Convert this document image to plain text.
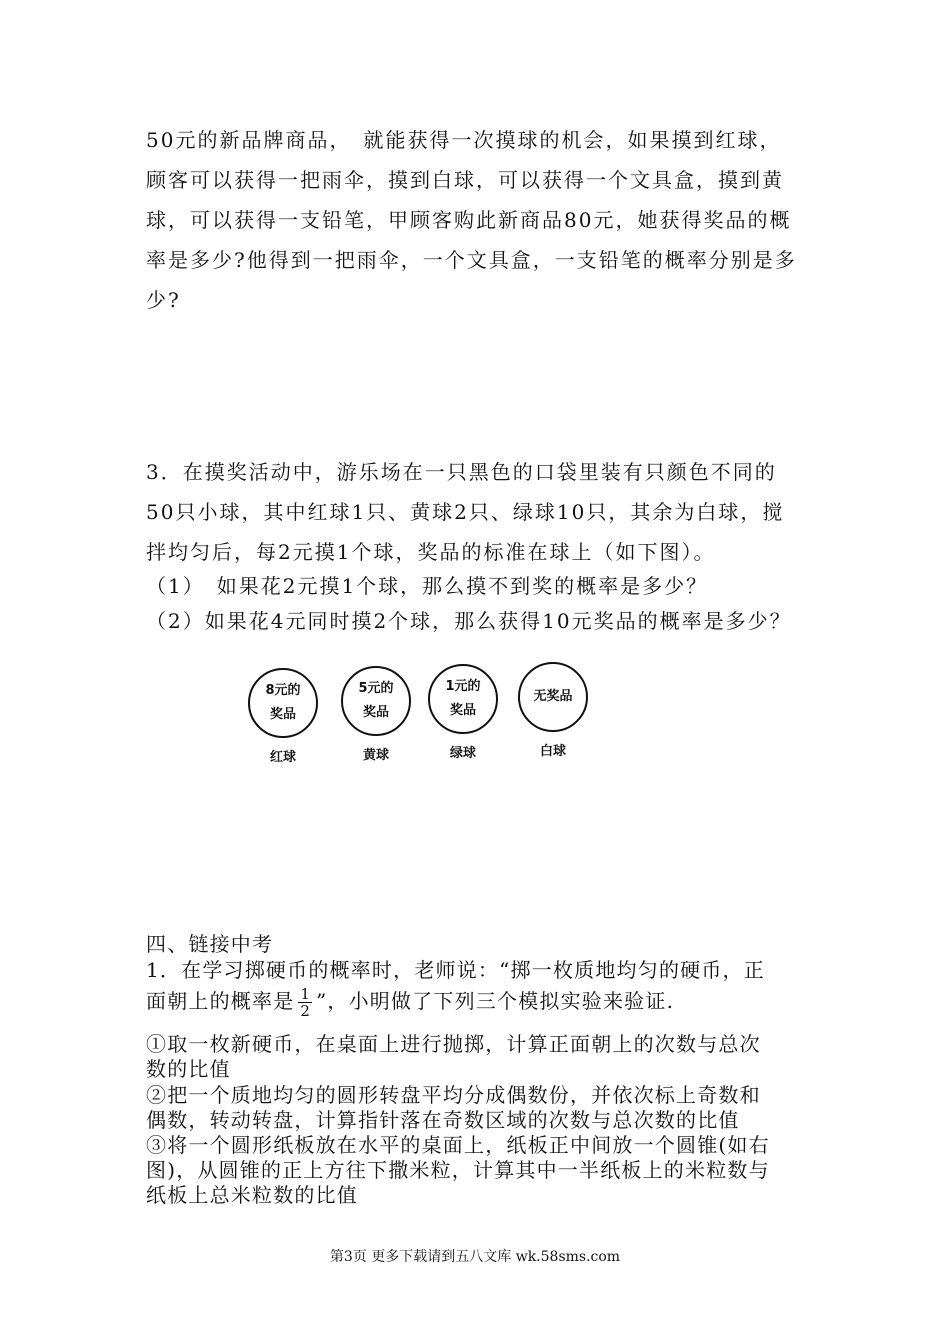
50元的新品牌商品，　就能获得一次摸球的机会，如果摸到红球，
顾客可以获得一把雨伞，摸到白球，可以获得一个文具盒，摸到黄
球，可以获得一支铅笔，甲顾客购此新商品80元，她获得奖品的概
率是多少?他得到一把雨伞，一个文具盒，一支铅笔的概率分别是多
少?
3．在摸奖活动中，游乐场在一只黑色的口袋里装有只颜色不同的
50只小球，其中红球1只、黄球2只、绿球10只，其余为白球，搅
拌均匀后，每2元摸1个球，奖品的标准在球上（如下图）。
（1）　如果花2元摸1个球，那么摸不到奖的概率是多少？
（2）如果花4元同时摸2个球，那么获得10元奖品的概率是多少？
8元的
奖品
红球
5元的
奖品
黄球
1元的
奖品
绿球
无奖品
白球
四、链接中考
1．在学习掷硬币的概率时，老师说：“掷一枚质地均匀的硬币，正
面朝上的概率是 $\frac{1}{2}$ ”，小明做了下列三个模拟实验来验证.
①取一枚新硬币，在桌面上进行抛掷，计算正面朝上的次数与总次
数的比值
②把一个质地均匀的圆形转盘平均分成偶数份，并依次标上奇数和
偶数，转动转盘，计算指针落在奇数区域的次数与总次数的比值
③将一个圆形纸板放在水平的桌面上，纸板正中间放一个圆锥(如右
图)，从圆锥的正上方往下撒米粒，计算其中一半纸板上的米粒数与
纸板上总米粒数的比值
第3页 更多下载请到五八文库 wk.58sms.com
